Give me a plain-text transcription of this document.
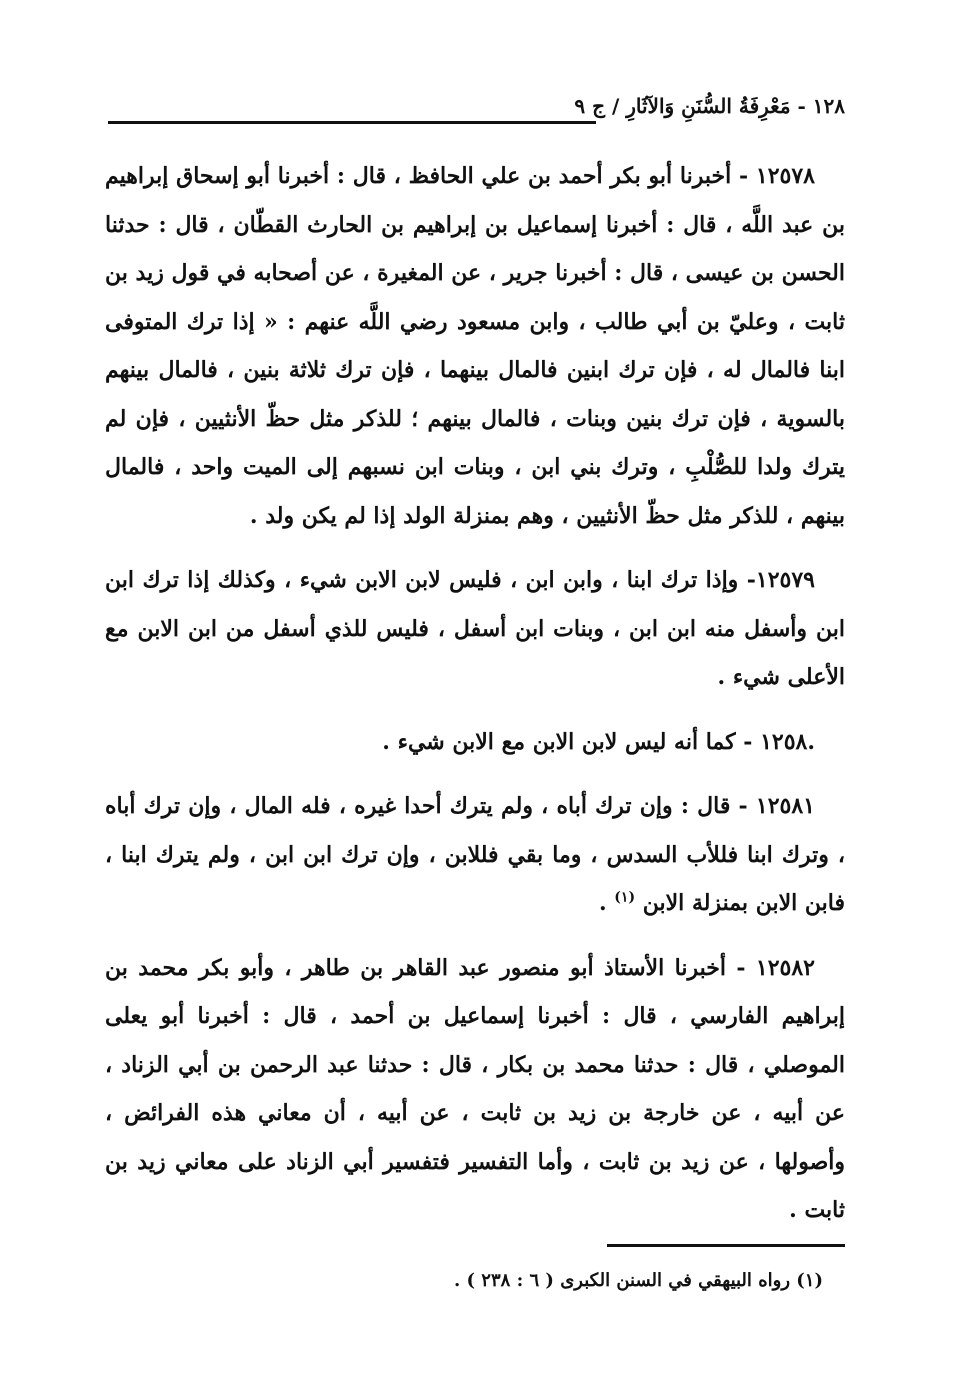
١٢٨ - مَعْرِفَةُ السُّنَنِ وَالآثَارِ / ج ٩

١٢٥٧٨ - أخبرنا أبو بكر أحمد بن علي الحافظ ، قال : أخبرنا أبو إسحاق إبراهيم بن عبد اللَّه ، قال : أخبرنا إسماعيل بن إبراهيم بن الحارث القطّان ، قال : حدثنا الحسن بن عيسى ، قال : أخبرنا جرير ، عن المغيرة ، عن أصحابه في قول زيد بن ثابت ، وعليّ بن أبي طالب ، وابن مسعود رضي اللَّه عنهم : « إذا ترك المتوفى ابنا فالمال له ، فإن ترك ابنين فالمال بينهما ، فإن ترك ثلاثة بنين ، فالمال بينهم بالسوية ، فإن ترك بنين وبنات ، فالمال بينهم ؛ للذكر مثل حظّ الأنثيين ، فإن لم يترك ولدا للصُّلْبِ ، وترك بني ابن ، وبنات ابن نسبهم إلى الميت واحد ، فالمال بينهم ، للذكر مثل حظّ الأنثيين ، وهم بمنزلة الولد إذا لم يكن ولد .

١٢٥٧٩- وإذا ترك ابنا ، وابن ابن ، فليس لابن الابن شيء ، وكذلك إذا ترك ابن ابن وأسفل منه ابن ابن ، وبنات ابن أسفل ، فليس للذي أسفل من ابن الابن مع الأعلى شيء .

.١٢٥٨ - كما أنه ليس لابن الابن مع الابن شيء .

١٢٥٨١ - قال : وإن ترك أباه ، ولم يترك أحدا غيره ، فله المال ، وإن ترك أباه ، وترك ابنا فللأب السدس ، وما بقي فللابن ، وإن ترك ابن ابن ، ولم يترك ابنا ، فابن الابن بمنزلة الابن $^{(١)}$ .

١٢٥٨٢ - أخبرنا الأستاذ أبو منصور عبد القاهر بن طاهر ، وأبو بكر محمد بن إبراهيم الفارسي ، قال : أخبرنا إسماعيل بن أحمد ، قال : أخبرنا أبو يعلى الموصلي ، قال : حدثنا محمد بن بكار ، قال : حدثنا عبد الرحمن بن أبي الزناد ، عن أبيه ، عن خارجة بن زيد بن ثابت ، عن أبيه ، أن معاني هذه الفرائض ، وأصولها ، عن زيد بن ثابت ، وأما التفسير فتفسير أبي الزناد على معاني زيد بن ثابت .

(١) رواه البيهقي في السنن الكبرى ( ٦ : ٢٣٨ ) .
